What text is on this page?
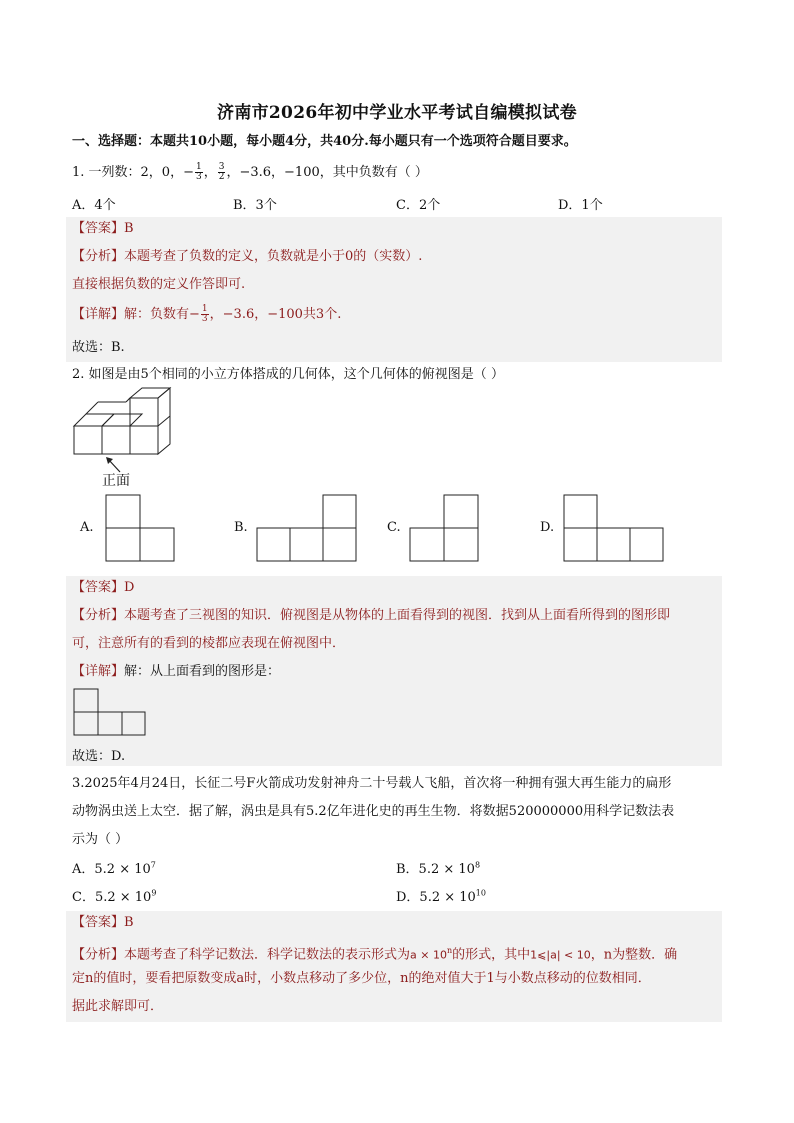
济南市2026年初中学业水平考试自编模拟试卷
一、选择题：本题共10小题，每小题4分，共40分.每小题只有一个选项符合题目要求。
1. 一列数：2，0，− $\frac{1}{3}$ ， $\frac{3}{2}$ ，−3.6，−100，其中负数有（ ）
A．4个	B．3个	C．2个	D．1个
【答案】B
【分析】本题考查了负数的定义，负数就是小于0的（实数）.
直接根据负数的定义作答即可.
【详解】解：负数有− $\frac{1}{3}$ ，−3.6，−100共3个.
故选：B.
2. 如图是由5个相同的小立方体搭成的几何体，这个几何体的俯视图是（ ）
正面
A.	B.	C.	D.
【答案】D
【分析】本题考查了三视图的知识．俯视图是从物体的上面看得到的视图．找到从上面看所得到的图形即
可，注意所有的看到的棱都应表现在俯视图中．
【详解】解：从上面看到的图形是：
故选：D.
3.2025年4月24日，长征二号F火箭成功发射神舟二十号载人飞船，首次将一种拥有强大再生能力的扁形
动物涡虫送上太空．据了解，涡虫是具有5.2亿年进化史的再生生物．将数据520000000用科学记数法表
示为（ ）
A．$5.2 \times 10^7$	B．$5.2 \times 10^8$
C．$5.2 \times 10^9$	D．$5.2 \times 10^{10}$
【答案】B
【分析】本题考查了科学记数法．科学记数法的表示形式为$a \times 10^n$的形式，其中1⩽|a| < 10，n为整数．确
定n的值时，要看把原数变成a时，小数点移动了多少位，n的绝对值大于1与小数点移动的位数相同．
据此求解即可．
